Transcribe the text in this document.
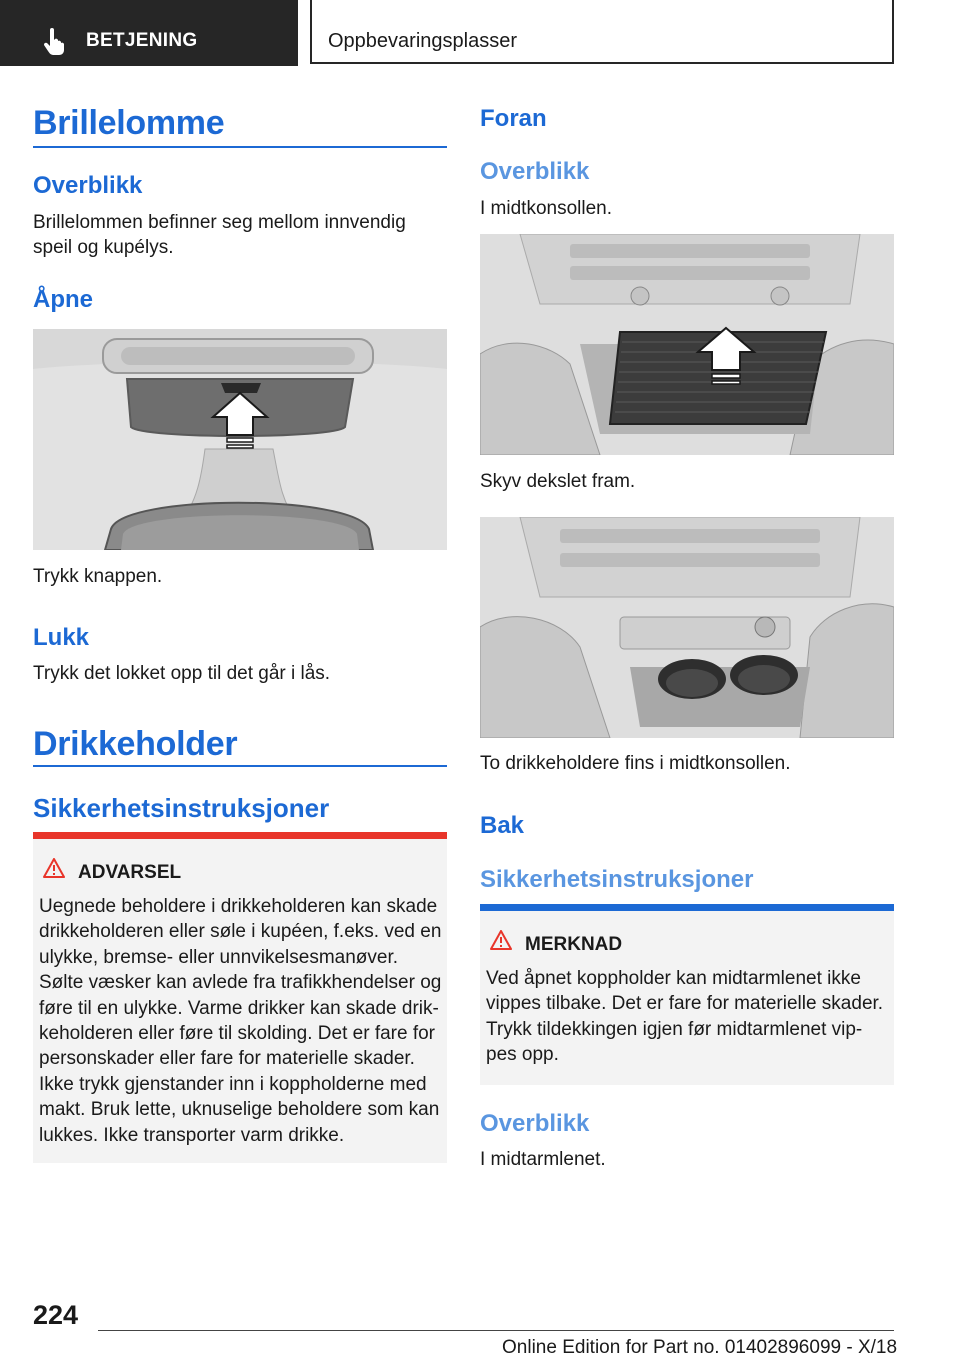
BETJENING	Oppbevaringsplasser
Brillelomme
Overblikk
Brillelommen befinner seg mellom innvendig speil og kupélys.
Åpne
Trykk knappen.
Lukk
Trykk det lokket opp til det går i lås.
Drikkeholder
Sikkerhetsinstruksjoner
ADVARSEL
Uegnede beholdere i drikkeholderen kan skade drikkeholderen eller søle i kupéen, f.eks. ved en ulykke, bremse- eller unnvikelsesmanøver. Sølte væsker kan avlede fra trafikkhendelser og føre til en ulykke. Varme drikker kan skade drik-keholderen eller føre til skolding. Det er fare for personskader eller fare for materielle skader. Ikke trykk gjenstander inn i koppholderne med makt. Bruk lette, uknuselige beholdere som kan lukkes. Ikke transporter varm drikke.
Foran
Overblikk
I midtkonsollen.
Skyv dekslet fram.
To drikkeholdere fins i midtkonsollen.
Bak
Sikkerhetsinstruksjoner
MERKNAD
Ved åpnet koppholder kan midtarmlenet ikke vippes tilbake. Det er fare for materielle skader. Trykk tildekkingen igjen før midtarmlenet vip-pes opp.
Overblikk
I midtarmlenet.
224
Online Edition for Part no. 01402896099 - X/18
